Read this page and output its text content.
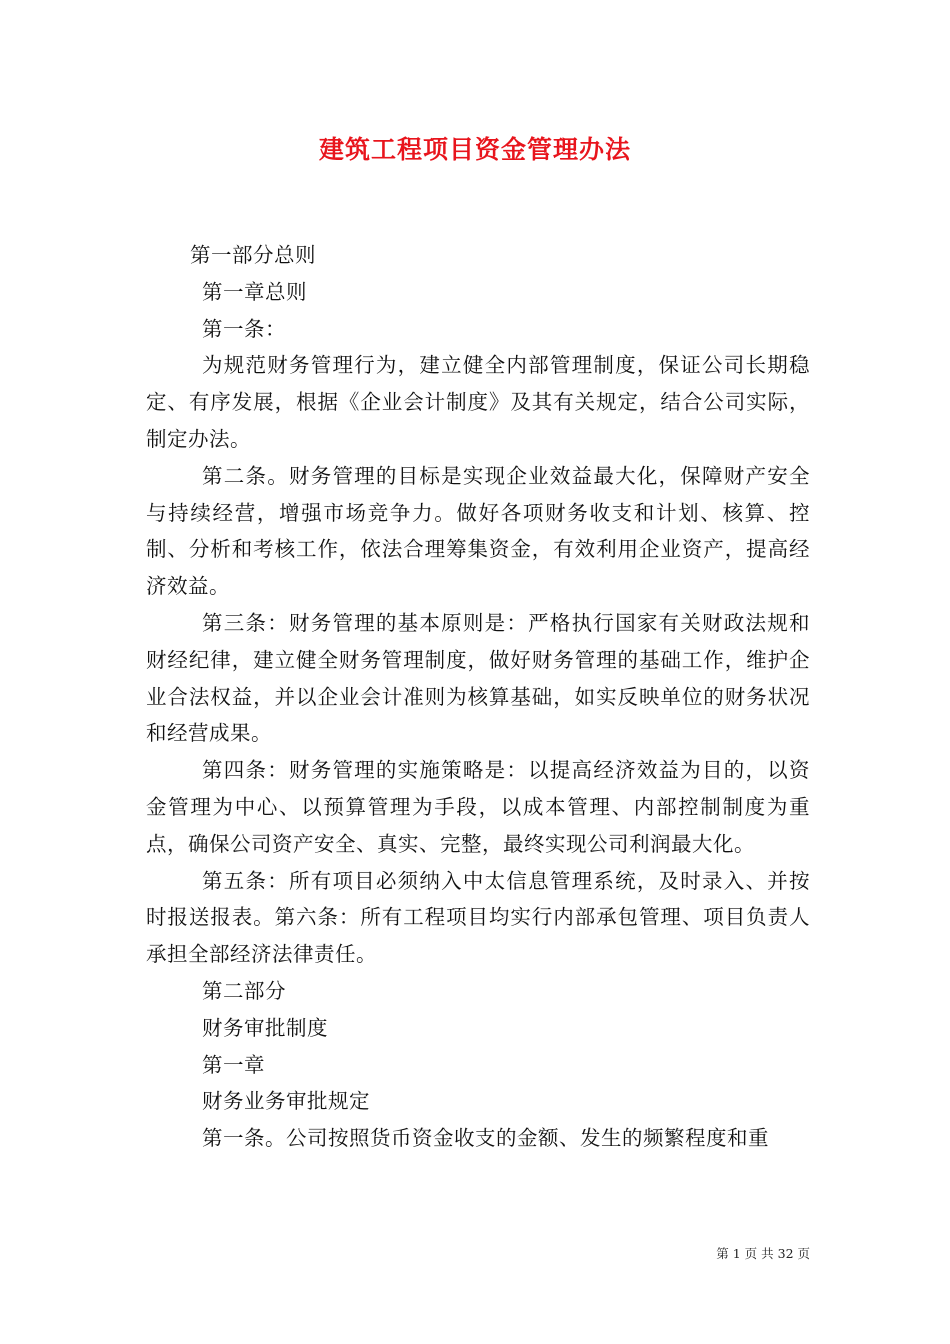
建筑工程项目资金管理办法

第一部分总则

第一章总则

第一条：

为规范财务管理行为，建立健全内部管理制度，保证公司长期稳定、有序发展，根据《企业会计制度》及其有关规定，结合公司实际，制定办法。

第二条。财务管理的目标是实现企业效益最大化，保障财产安全与持续经营，增强市场竞争力。做好各项财务收支和计划、核算、控制、分析和考核工作，依法合理筹集资金，有效利用企业资产，提高经济效益。

第三条：财务管理的基本原则是：严格执行国家有关财政法规和财经纪律，建立健全财务管理制度，做好财务管理的基础工作，维护企业合法权益，并以企业会计准则为核算基础，如实反映单位的财务状况和经营成果。

第四条：财务管理的实施策略是：以提高经济效益为目的，以资金管理为中心、以预算管理为手段，以成本管理、内部控制制度为重点，确保公司资产安全、真实、完整，最终实现公司利润最大化。

第五条：所有项目必须纳入中太信息管理系统，及时录入、并按时报送报表。第六条：所有工程项目均实行内部承包管理、项目负责人承担全部经济法律责任。

第二部分

财务审批制度

第一章

财务业务审批规定

第一条。公司按照货币资金收支的金额、发生的频繁程度和重

第 1 页 共 32 页
